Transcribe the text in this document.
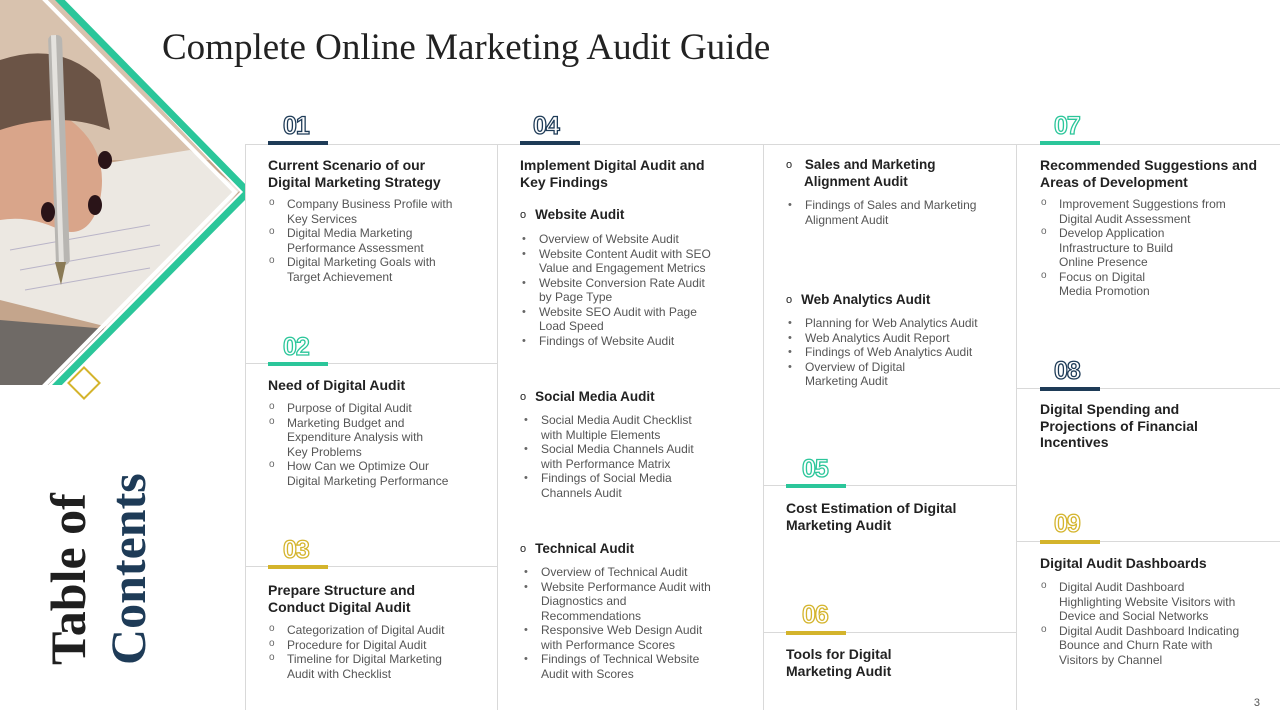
Complete Online Marketing Audit Guide
Table of Contents
01
Current Scenario of our Digital Marketing Strategy
o Company Business Profile with Key Services
o Digital Media Marketing Performance Assessment
o Digital Marketing Goals with Target Achievement
02
Need of Digital Audit
o Purpose of Digital Audit
o Marketing Budget and Expenditure Analysis with Key Problems
o How Can we Optimize Our Digital Marketing Performance
03
Prepare Structure and Conduct Digital Audit
o Categorization of Digital Audit
o Procedure for Digital Audit
o Timeline for Digital Marketing Audit with Checklist
04
Implement Digital Audit and Key Findings
o Website Audit
• Overview of Website Audit
• Website Content Audit with SEO Value and Engagement Metrics
• Website Conversion Rate Audit by Page Type
• Website SEO Audit with Page Load Speed
• Findings of Website Audit
o Social Media Audit
• Social Media Audit Checklist with Multiple Elements
• Social Media Channels Audit with Performance Matrix
• Findings of Social Media Channels Audit
o Technical Audit
• Overview of Technical Audit
• Website Performance Audit with Diagnostics and Recommendations
• Responsive Web Design Audit with Performance Scores
• Findings of Technical Website Audit with Scores
o Sales and Marketing Alignment Audit
• Findings of Sales and Marketing Alignment Audit
o Web Analytics Audit
• Planning for Web Analytics Audit
• Web Analytics Audit Report
• Findings of Web Analytics Audit
• Overview of Digital Marketing Audit
05
Cost Estimation of Digital Marketing Audit
06
Tools for Digital Marketing Audit
07
Recommended Suggestions and Areas of Development
o Improvement Suggestions from Digital Audit Assessment
o Develop Application Infrastructure to Build Online Presence
o Focus on Digital Media Promotion
08
Digital Spending and Projections of Financial Incentives
09
Digital Audit Dashboards
o Digital Audit Dashboard Highlighting Website Visitors with Device and Social Networks
o Digital Audit Dashboard Indicating Bounce and Churn Rate with Visitors by Channel
3
